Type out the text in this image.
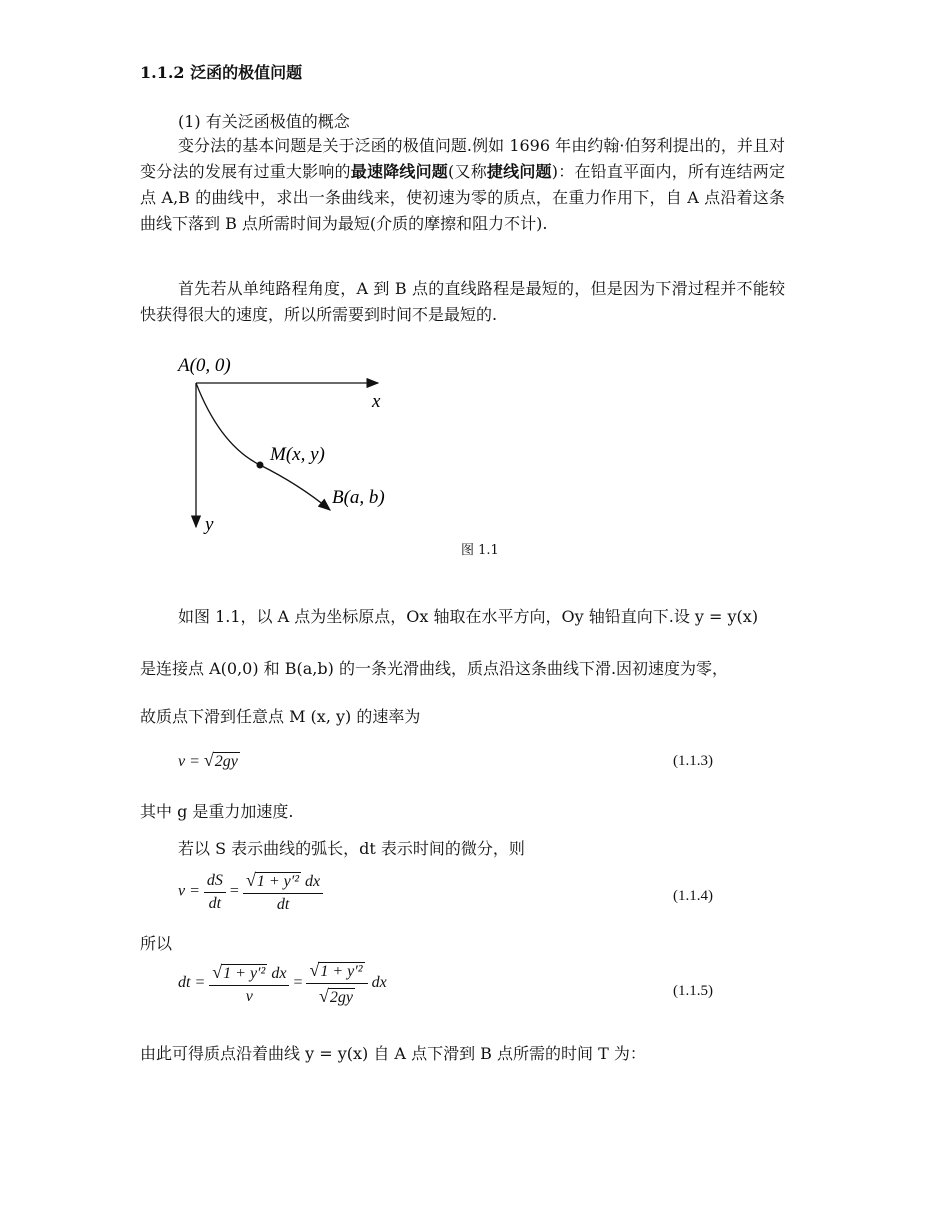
1.1.2 泛函的极值问题
(1) 有关泛函极值的概念
变分法的基本问题是关于泛函的极值问题.例如 1696 年由约翰·伯努利提出的，并且对变分法的发展有过重大影响的最速降线问题(又称捷线问题)：在铅直平面内，所有连结两定点 A,B 的曲线中，求出一条曲线来，使初速为零的质点，在重力作用下，自 A 点沿着这条曲线下落到 B 点所需时间为最短(介质的摩擦和阻力不计).
首先若从单纯路程角度，A 到 B 点的直线路程是最短的，但是因为下滑过程并不能较快获得很大的速度，所以所需要到时间不是最短的.
A(0, 0)
x
M(x, y)
B(a, b)
y
图 1.1
如图 1.1，以 A 点为坐标原点，Ox 轴取在水平方向，Oy 轴铅直向下.设 y = y(x)
是连接点 A(0,0) 和 B(a,b) 的一条光滑曲线，质点沿这条曲线下滑.因初速度为零，
故质点下滑到任意点 M (x, y) 的速率为
v = √2gy	(1.1.3)
其中 g 是重力加速度.
若以 S 表示曲线的弧长，dt 表示时间的微分，则
$v = \frac{dS}{dt} = \frac{\text{√1 + y′² dx}}{dt}$	(1.1.4)
所以
dt = $\frac{\text{√1 + y′² dx}}{v} = \frac{\text{√1 + y′²}}{√2gy}$ dx	(1.1.5)
由此可得质点沿着曲线 y = y(x) 自 A 点下滑到 B 点所需的时间 T 为：
